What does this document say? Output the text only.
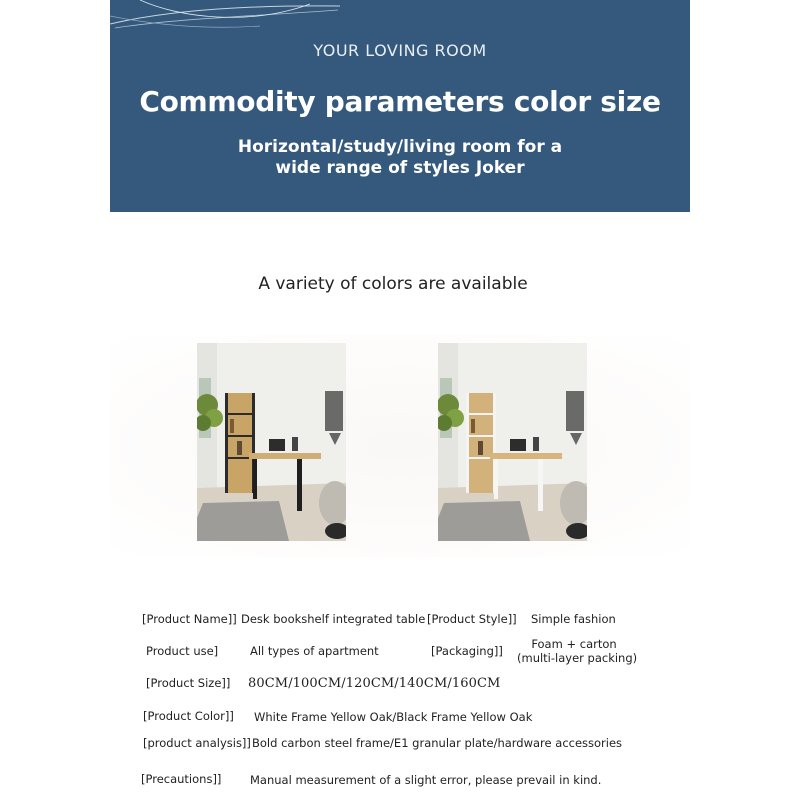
YOUR LOVING ROOM
Commodity parameters color size
Horizontal/study/living room for a wide range of styles Joker
A variety of colors are available
[Product Name]] Desk bookshelf integrated table [Product Style]] Simple fashion
Product use]	All types of apartment	[Packaging]]	Foam + carton
(multi-layer packing)
[Product Size]] 80CM/100CM/120CM/140CM/160CM
[Product Color]] White Frame Yellow Oak/Black Frame Yellow Oak
[product analysis]] Bold carbon steel frame/E1 granular plate/hardware accessories
[Precautions]] Manual measurement of a slight error, please prevail in kind.
